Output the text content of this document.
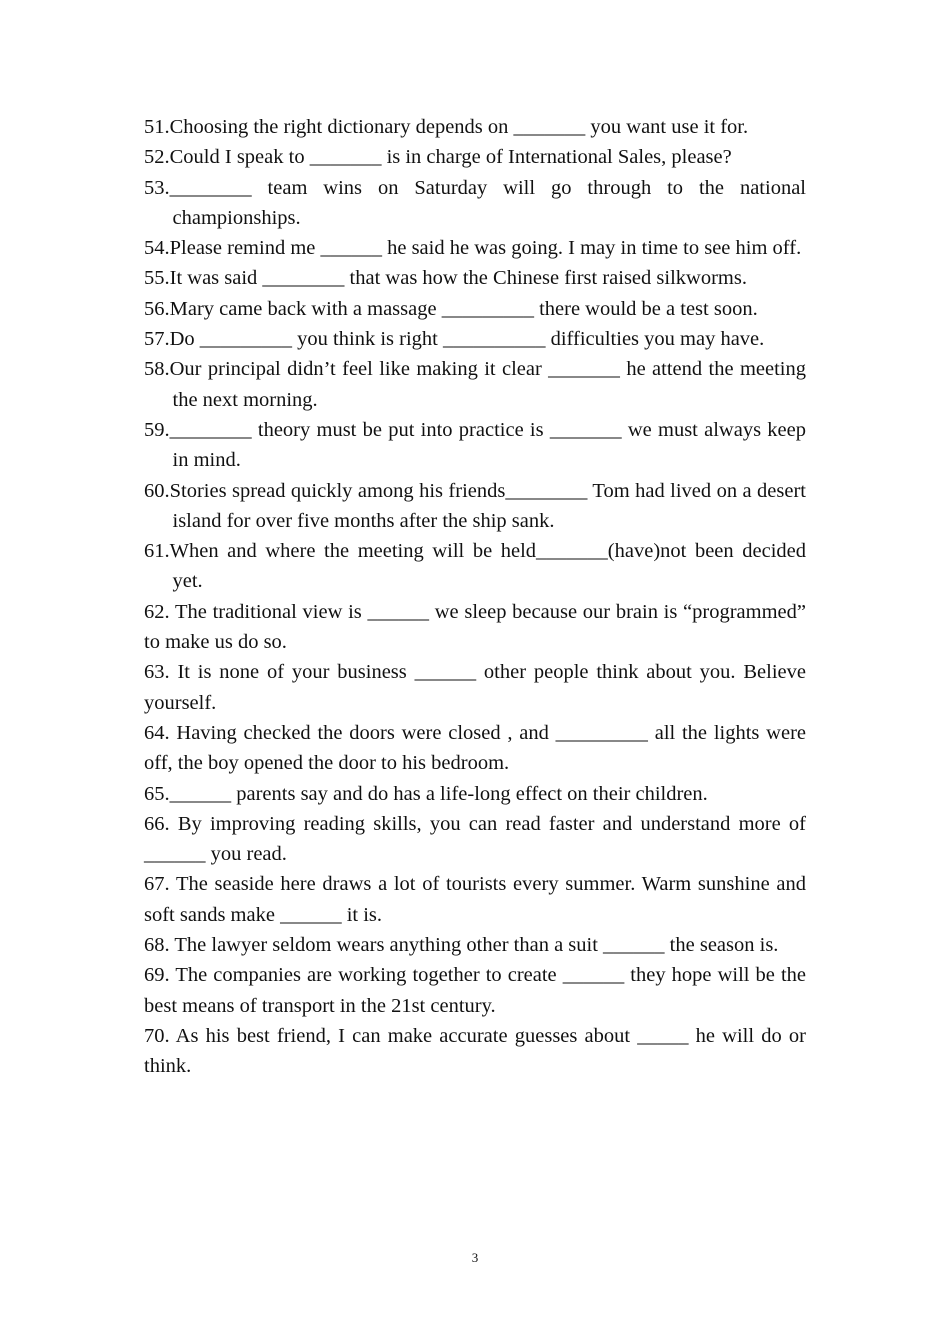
51.Choosing the right dictionary depends on _______ you want use it for.
52.Could I speak to _______ is in charge of International Sales, please?
53.________ team wins on Saturday will go through to the national championships.
54.Please remind me ______ he said he was going. I may in time to see him off.
55.It was said ________ that was how the Chinese first raised silkworms.
56.Mary came back with a massage _________ there would be a test soon.
57.Do _________ you think is right __________ difficulties you may have.
58.Our principal didn’t feel like making it clear _______ he attend the meeting the next morning.
59.________ theory must be put into practice is _______ we must always keep in mind.
60.Stories spread quickly among his friends________ Tom had lived on a desert island for over five months after the ship sank.
61.When and where the meeting will be held_______(have)not been decided yet.
62. The traditional view is ______ we sleep because our brain is “programmed” to make us do so.
63. It is none of your business ______ other people think about you. Believe yourself.
64. Having checked the doors were closed , and _________ all the lights were off, the boy opened the door to his bedroom.
65.______ parents say and do has a life-long effect on their children.
66. By improving reading skills, you can read faster and understand more of ______ you read.
67. The seaside here draws a lot of tourists every summer. Warm sunshine and soft sands make ______ it is.
68. The lawyer seldom wears anything other than a suit ______ the season is.
69. The companies are working together to create ______ they hope will be the best means of transport in the 21st century.
70. As his best friend, I can make accurate guesses about _____ he will do or think.
3
